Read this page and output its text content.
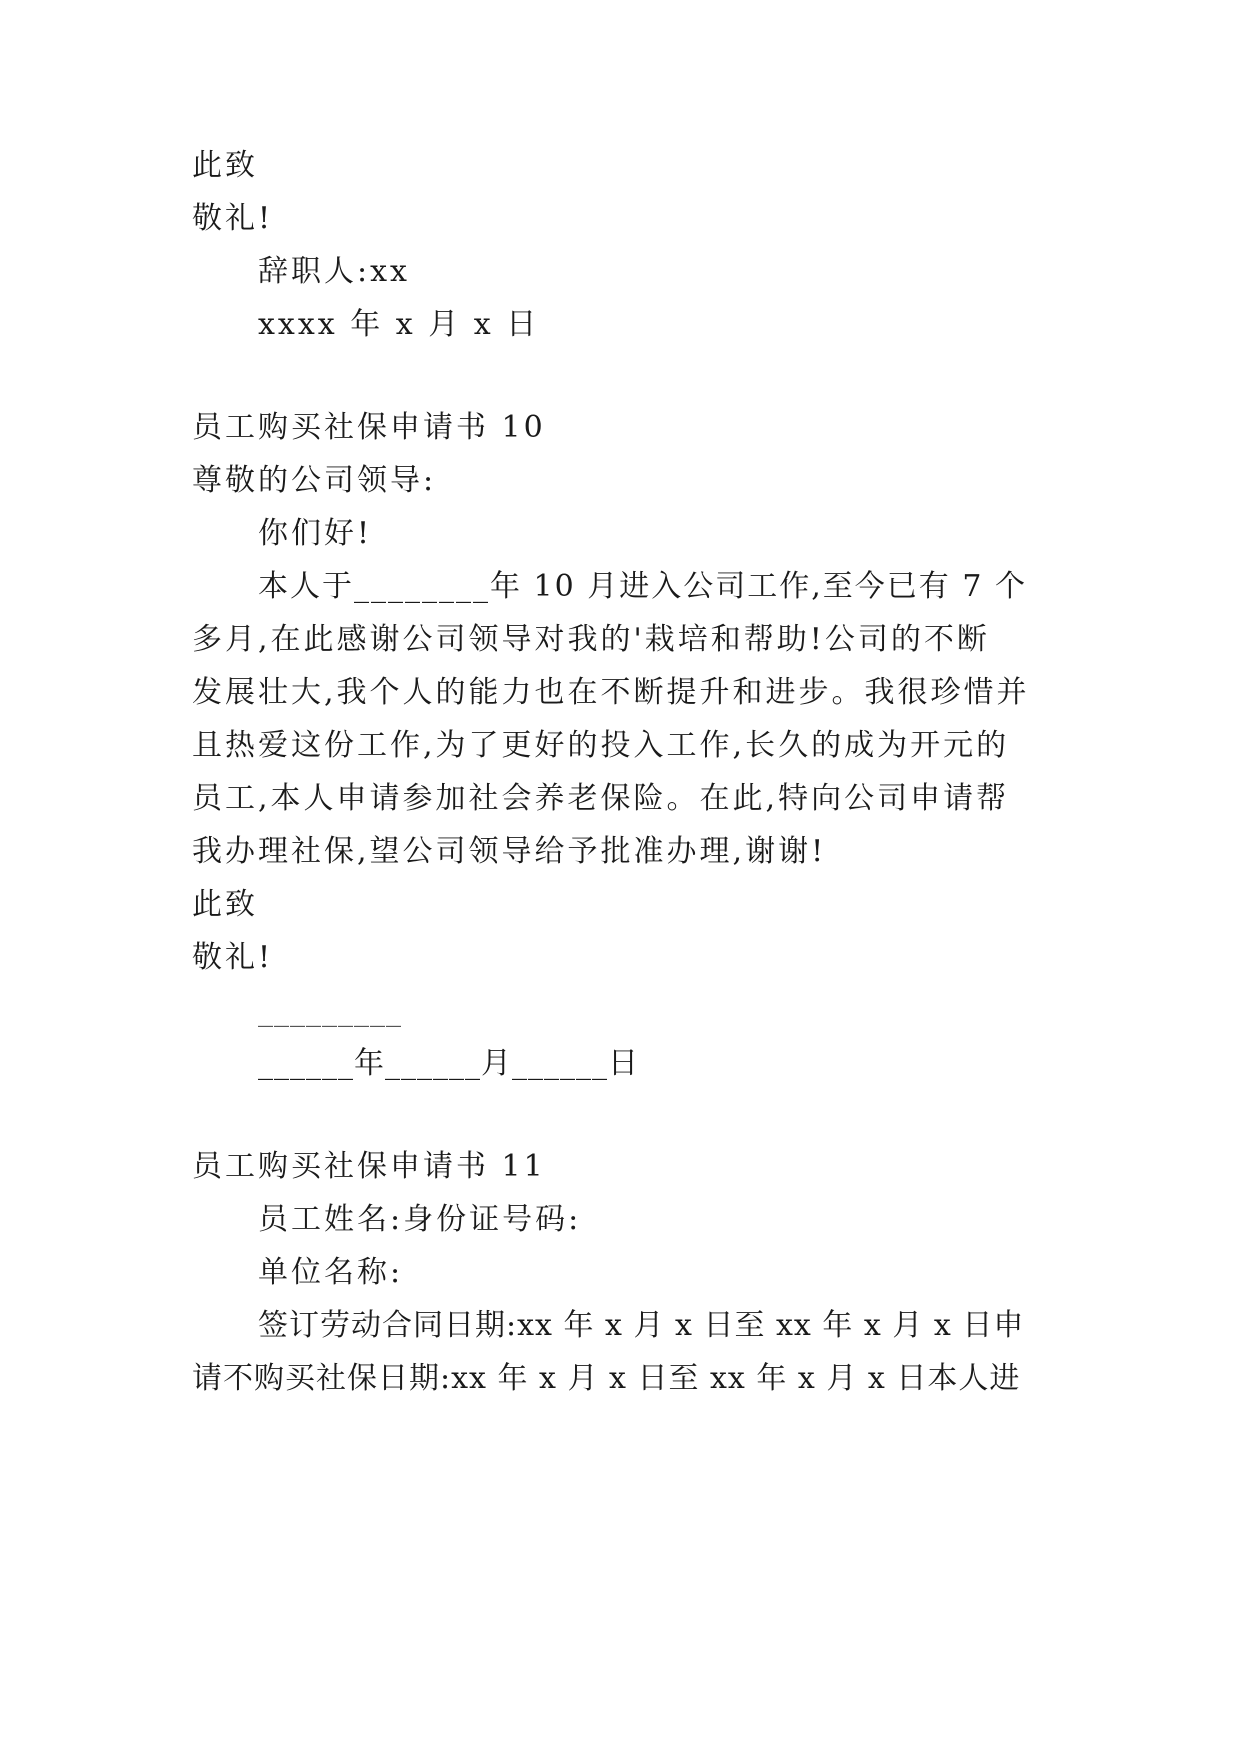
此致
敬礼!
辞职人:xx
xxxx 年 x 月 x 日
员工购买社保申请书 10
尊敬的公司领导:
你们好!
本人于________年 10 月进入公司工作,至今已有 7 个
多月,在此感谢公司领导对我的'栽培和帮助!公司的不断
发展壮大,我个人的能力也在不断提升和进步。我很珍惜并
且热爱这份工作,为了更好的投入工作,长久的成为开元的
员工,本人申请参加社会养老保险。在此,特向公司申请帮
我办理社保,望公司领导给予批准办理,谢谢!
此致
敬礼!
_________
______年______月______日
员工购买社保申请书 11
员工姓名:身份证号码:
单位名称:
签订劳动合同日期:xx 年 x 月 x 日至 xx 年 x 月 x 日申
请不购买社保日期:xx 年 x 月 x 日至 xx 年 x 月 x 日本人进
